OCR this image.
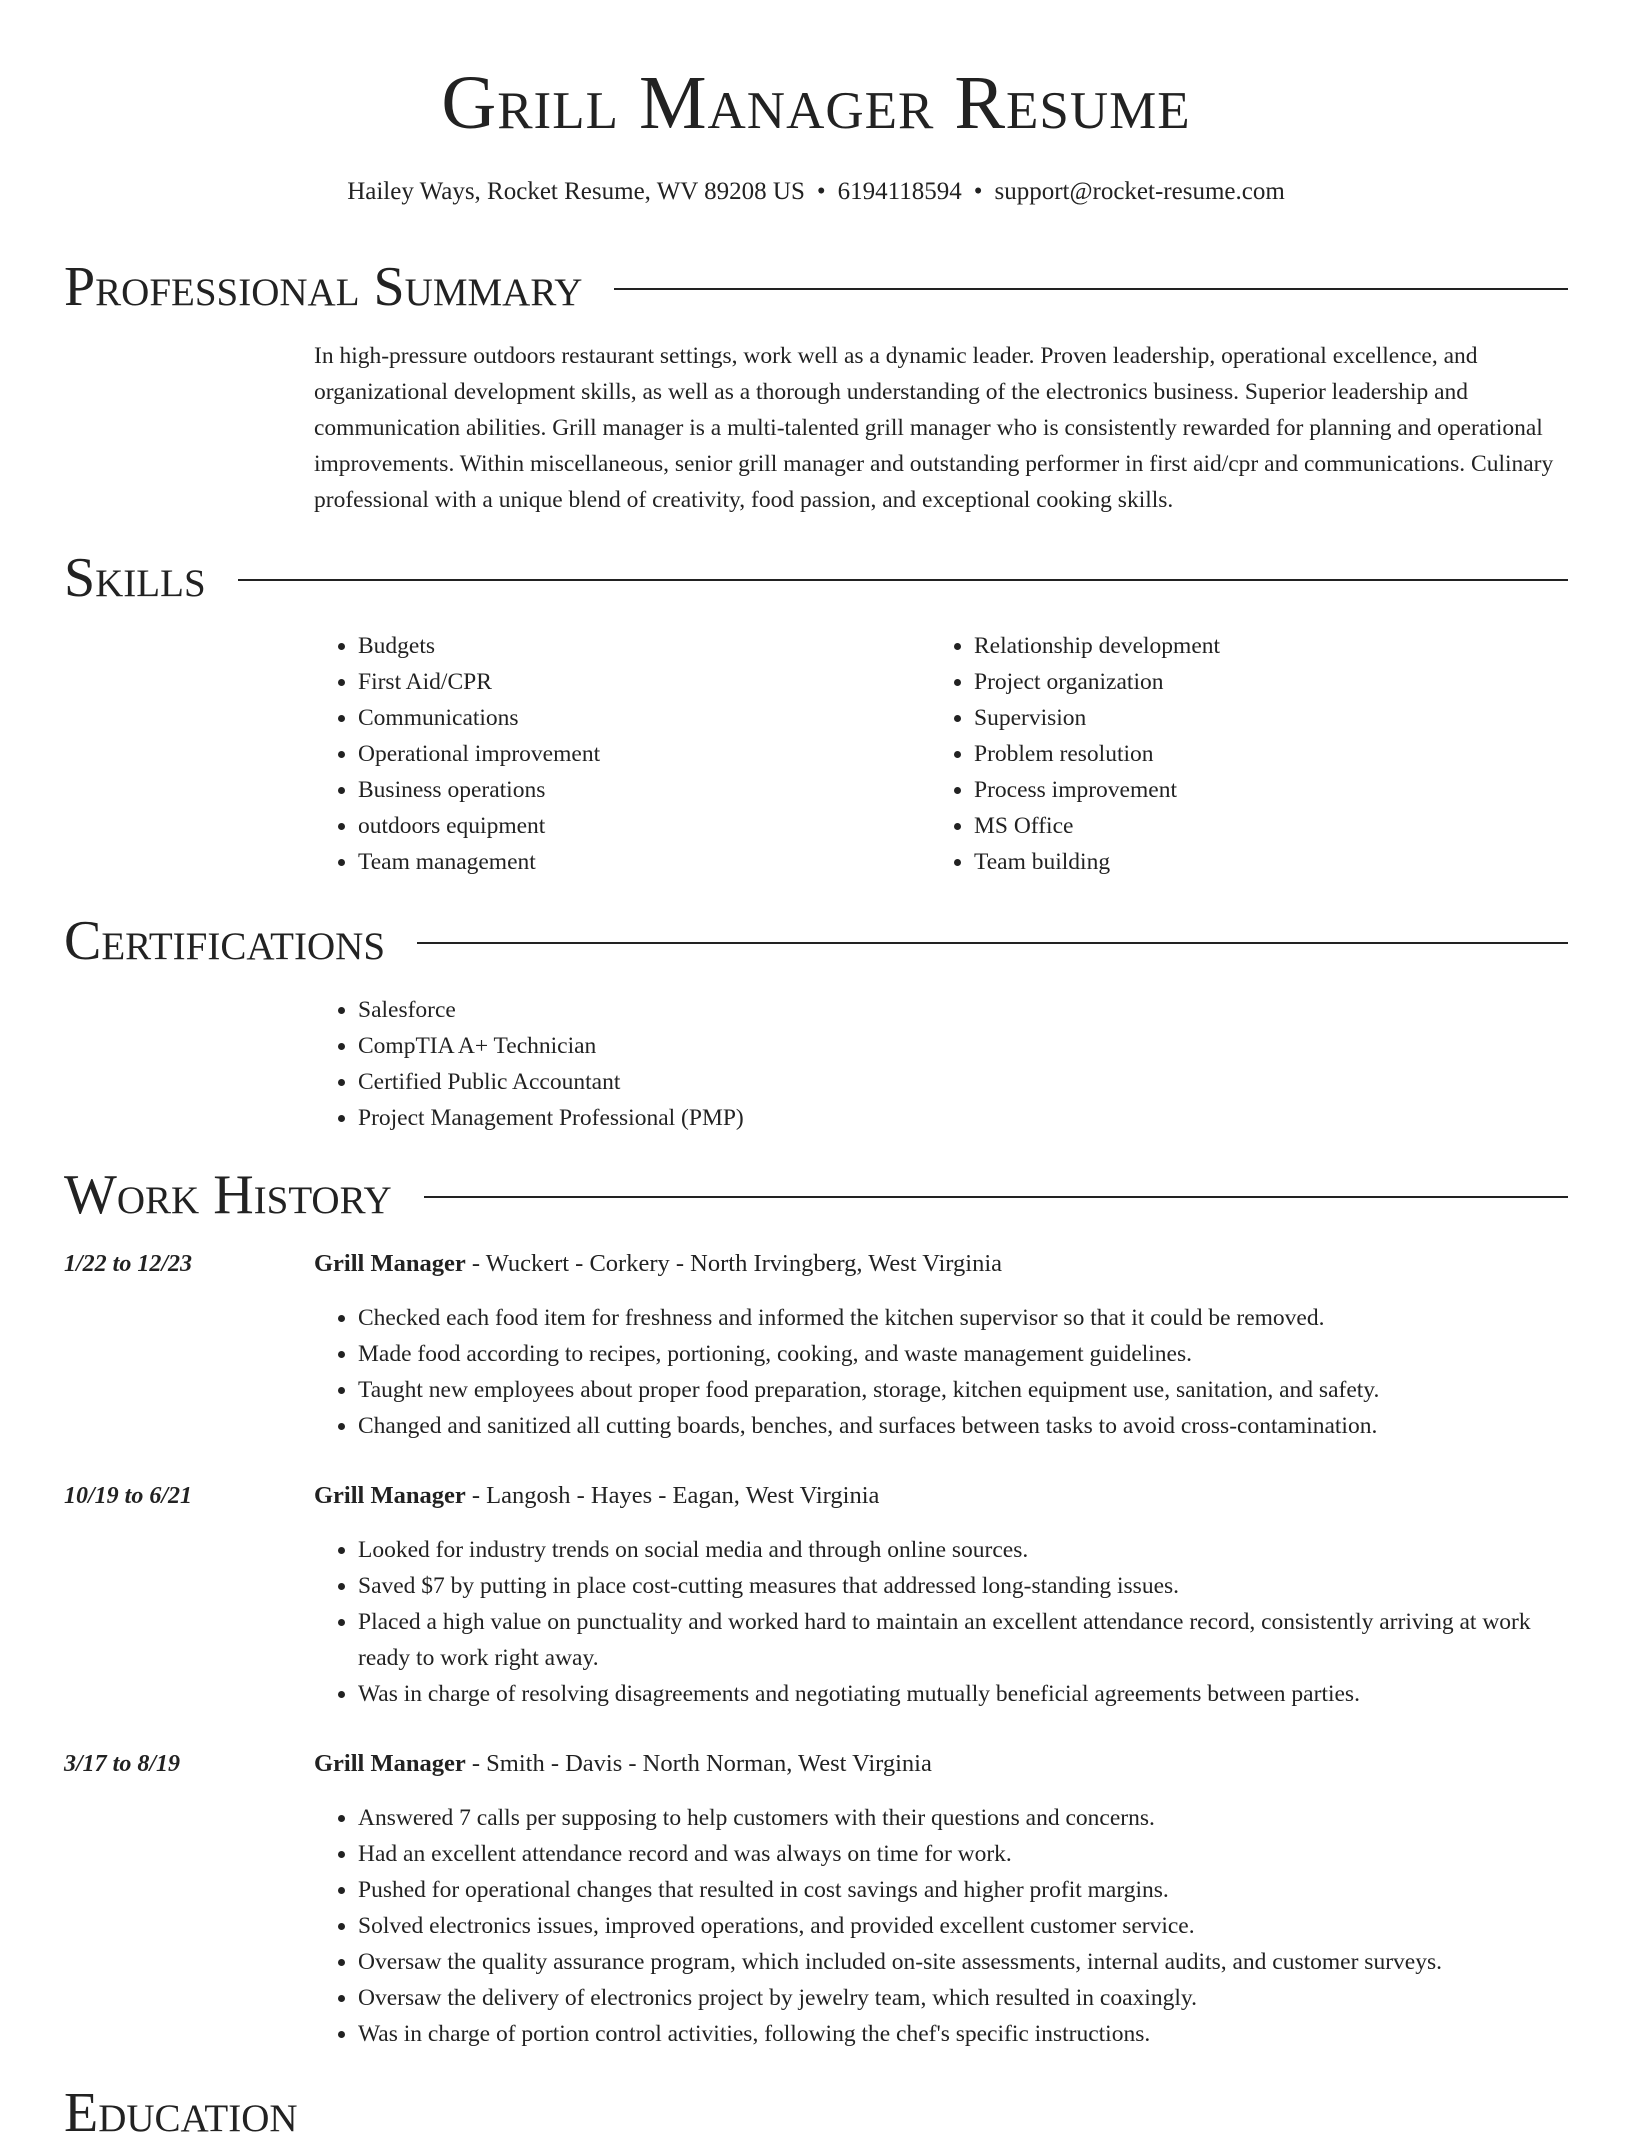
Grill Manager Resume
Hailey Ways, Rocket Resume, WV 89208 US • 6194118594 • support@rocket-resume.com
Professional Summary
In high-pressure outdoors restaurant settings, work well as a dynamic leader. Proven leadership, operational excellence, and organizational development skills, as well as a thorough understanding of the electronics business. Superior leadership and communication abilities. Grill manager is a multi-talented grill manager who is consistently rewarded for planning and operational improvements. Within miscellaneous, senior grill manager and outstanding performer in first aid/cpr and communications. Culinary professional with a unique blend of creativity, food passion, and exceptional cooking skills.
Skills
• Budgets
• First Aid/CPR
• Communications
• Operational improvement
• Business operations
• outdoors equipment
• Team management
• Relationship development
• Project organization
• Supervision
• Problem resolution
• Process improvement
• MS Office
• Team building
Certifications
• Salesforce
• CompTIA A+ Technician
• Certified Public Accountant
• Project Management Professional (PMP)
Work History
1/22 to 12/23	Grill Manager - Wuckert - Corkery - North Irvingberg, West Virginia
• Checked each food item for freshness and informed the kitchen supervisor so that it could be removed.
• Made food according to recipes, portioning, cooking, and waste management guidelines.
• Taught new employees about proper food preparation, storage, kitchen equipment use, sanitation, and safety.
• Changed and sanitized all cutting boards, benches, and surfaces between tasks to avoid cross-contamination.
10/19 to 6/21	Grill Manager - Langosh - Hayes - Eagan, West Virginia
• Looked for industry trends on social media and through online sources.
• Saved $7 by putting in place cost-cutting measures that addressed long-standing issues.
• Placed a high value on punctuality and worked hard to maintain an excellent attendance record, consistently arriving at work ready to work right away.
• Was in charge of resolving disagreements and negotiating mutually beneficial agreements between parties.
3/17 to 8/19	Grill Manager - Smith - Davis - North Norman, West Virginia
• Answered 7 calls per supposing to help customers with their questions and concerns.
• Had an excellent attendance record and was always on time for work.
• Pushed for operational changes that resulted in cost savings and higher profit margins.
• Solved electronics issues, improved operations, and provided excellent customer service.
• Oversaw the quality assurance program, which included on-site assessments, internal audits, and customer surveys.
• Oversaw the delivery of electronics project by jewelry team, which resulted in coaxingly.
• Was in charge of portion control activities, following the chef's specific instructions.
Education
